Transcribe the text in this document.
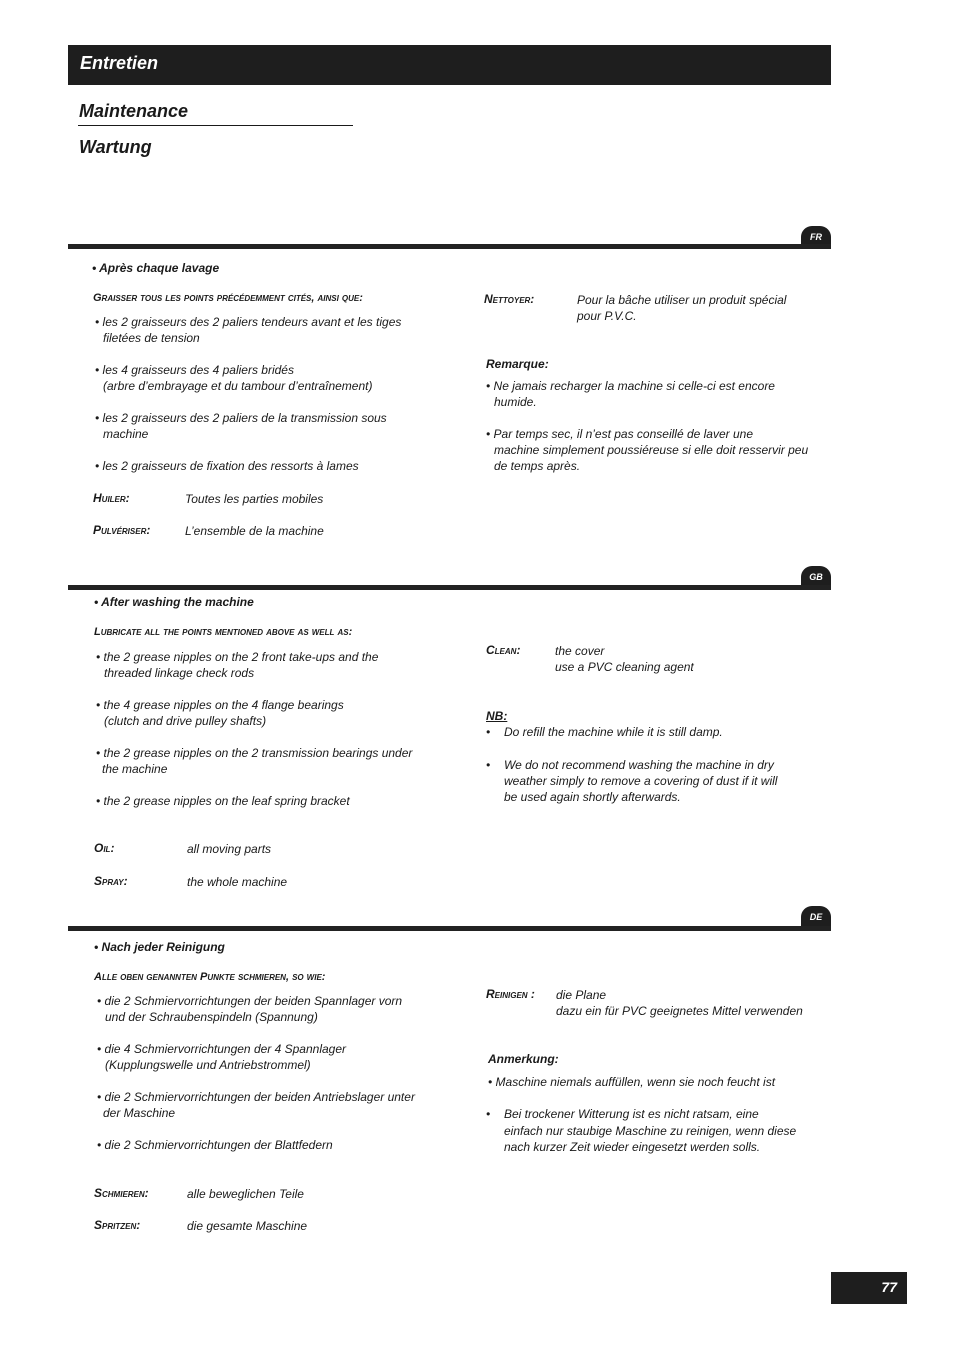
Entretien
Maintenance
Wartung
FR
• Après chaque lavage
Graisser tous les points précédemment cités, ainsi que:
• les 2 graisseurs des 2 paliers tendeurs avant et les tiges
filetées de tension
• les 4 graisseurs des 4 paliers bridés
(arbre d’embrayage et du tambour d’entraînement)
• les 2 graisseurs des 2 paliers de la transmission sous
machine
• les 2 graisseurs de fixation des ressorts à lames
Huiler:	Toutes les parties mobiles
Pulvériser:	L’ensemble de la machine
Nettoyer:	Pour la bâche utiliser un produit spécial
pour P.V.C.
Remarque:
• Ne jamais recharger la machine si celle-ci est encore
humide.
• Par temps sec, il n’est pas conseillé de laver une
machine simplement poussiéreuse si elle doit resservir peu
de temps après.
GB
• After washing the machine
Lubricate all the points mentioned above as well as:
• the 2 grease nipples on the 2 front take-ups and the
threaded linkage check rods
• the 4 grease nipples on the 4 flange bearings
(clutch and drive pulley shafts)
• the 2 grease nipples on the 2 transmission bearings under
the machine
• the 2 grease nipples on the leaf spring bracket
Oil:	all moving parts
Spray:	the whole machine
Clean:	the cover
use a PVC cleaning agent
NB:
• Do refill the machine while it is still damp.
• We do not recommend washing the machine in dry
weather simply to remove a covering of dust if it will
be used again shortly afterwards.
DE
• Nach jeder Reinigung
Alle oben genannten Punkte schmieren, so wie:
• die 2 Schmiervorrichtungen der beiden Spannlager vorn
und der Schraubenspindeln (Spannung)
• die 4 Schmiervorrichtungen der 4 Spannlager
(Kupplungswelle und Antriebstrommel)
• die 2 Schmiervorrichtungen der beiden Antriebslager unter
der Maschine
• die 2 Schmiervorrichtungen der Blattfedern
Schmieren:	alle beweglichen Teile
Spritzen:	die gesamte Maschine
Reinigen : die Plane
dazu ein für PVC geeignetes Mittel verwenden
Anmerkung:
• Maschine niemals auffüllen, wenn sie noch feucht ist
• Bei trockener Witterung ist es nicht ratsam, eine
einfach nur staubige Maschine zu reinigen, wenn diese
nach kurzer Zeit wieder eingesetzt werden solls.
77
